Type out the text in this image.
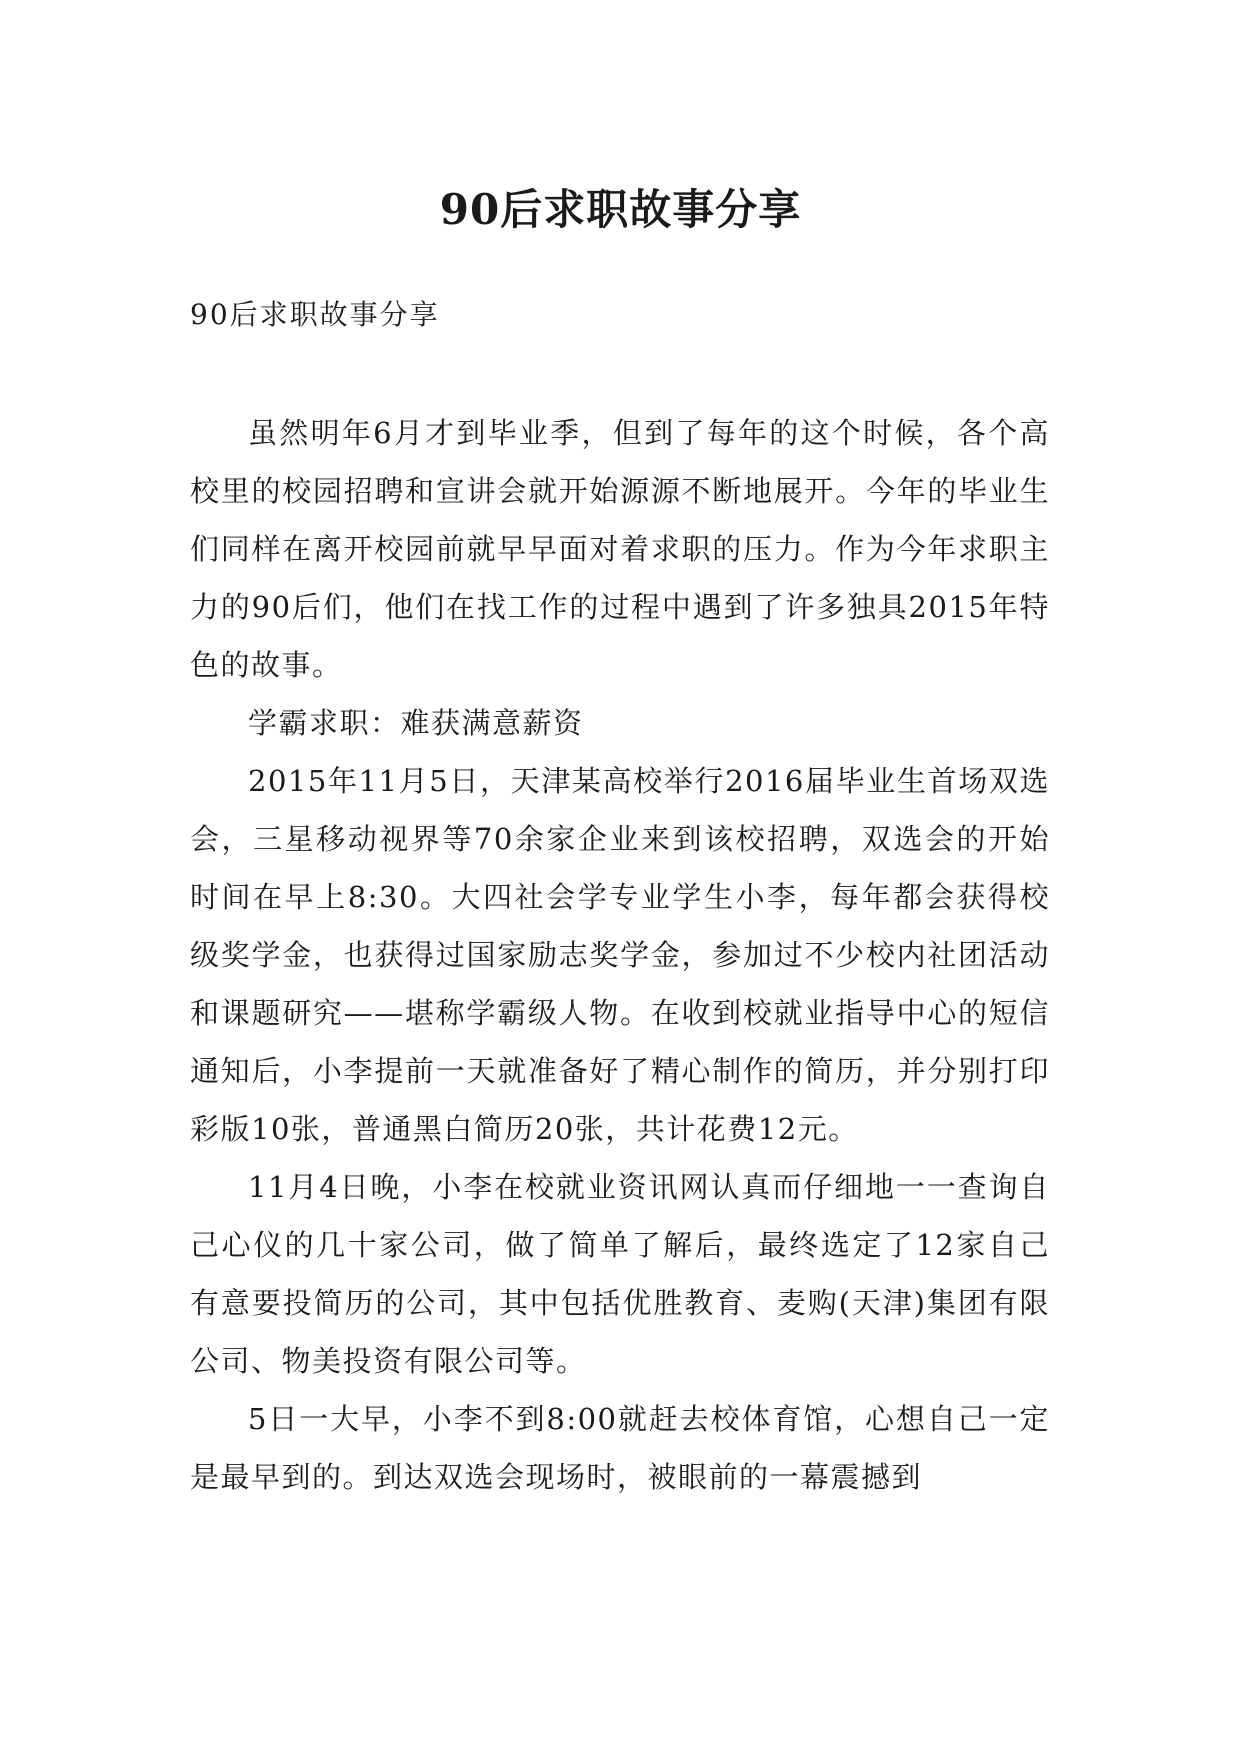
90后求职故事分享
90后求职故事分享

虽然明年6月才到毕业季，但到了每年的这个时候，各个高校里的校园招聘和宣讲会就开始源源不断地展开。今年的毕业生们同样在离开校园前就早早面对着求职的压力。作为今年求职主力的90后们，他们在找工作的过程中遇到了许多独具2015年特色的故事。

学霸求职：难获满意薪资

2015年11月5日，天津某高校举行2016届毕业生首场双选会，三星移动视界等70余家企业来到该校招聘，双选会的开始时间在早上8:30。大四社会学专业学生小李，每年都会获得校级奖学金，也获得过国家励志奖学金，参加过不少校内社团活动和课题研究——堪称学霸级人物。在收到校就业指导中心的短信通知后，小李提前一天就准备好了精心制作的简历，并分别打印彩版10张，普通黑白简历20张，共计花费12元。

11月4日晚，小李在校就业资讯网认真而仔细地一一查询自己心仪的几十家公司，做了简单了解后，最终选定了12家自己有意要投简历的公司，其中包括优胜教育、麦购(天津)集团有限公司、物美投资有限公司等。

5日一大早，小李不到8:00就赶去校体育馆，心想自己一定是最早到的。到达双选会现场时，被眼前的一幕震撼到
